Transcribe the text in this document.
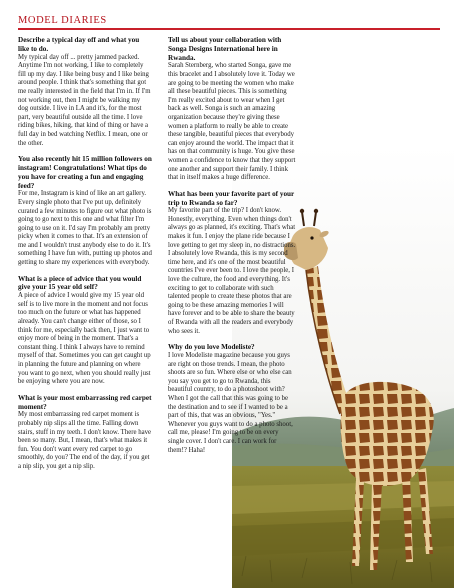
MODEL DIARIES

Describe a typical day off and what you like to do.

My typical day off ... pretty jammed packed. Anytime I'm not working, I like to completely fill up my day. I like being busy and I like being around people. I think that's something that got me really interested in the field that I'm in. If I'm not working out, then I might be walking my dog outside. I live in LA and it's, for the most part, very beautiful outside all the time. I love riding bikes, hiking, that kind of thing or have a full day in bed watching Netflix. I mean, one or the other.

You also recently hit 15 million followers on instagram! Congratulations! What tips do you have for creating a fun and engaging feed?

For me, Instagram is kind of like an art gallery. Every single photo that I've put up, definitely curated a few minutes to figure out what photo is going to go next to this one and what filter I'm going to use on it. I'd say I'm probably am pretty picky when it comes to that. It's an extension of me and I wouldn't trust anybody else to do it. It's something I have fun with, putting up photos and getting to share my experiences with everybody.

What is a piece of advice that you would give your 15 year old self?

A piece of advice I would give my 15 year old self is to live more in the moment and not focus too much on the future or what has happened already. You can't change either of those, so I think for me, especially back then, I just want to enjoy more of being in the moment. That's a constant thing. I think I always have to remind myself of that. Sometimes you can get caught up in planning the future and planning on where you want to go next, when you should really just be enjoying where you are now.

What is your most embarrassing red carpet moment?

My most embarrassing red carpet moment is probably nip slips all the time. Falling down stairs, stuff in my teeth. I don't know. There have been so many. But, I mean, that's what makes it fun. You don't want every red carpet to go smoothly, do you? The end of the day, if you get a nip slip, you get a nip slip.

Tell us about your collaboration with Songa Designs International here in Rwanda.

Sarah Sternberg, who started Songa, gave me this bracelet and I absolutely love it. Today we are going to be meeting the women who make all these beautiful pieces. This is something I'm really excited about to wear when I get back as well. Songa is such an amazing organization because they're giving these women a platform to really be able to create these tangible, beautiful pieces that everybody can enjoy around the world. The impact that it has on that community is huge. You give these women a confidence to know that they support one another and support their family. I think that in itself makes a huge difference.

What has been your favorite part of your trip to Rwanda so far?

My favorite part of the trip? I don't know. Honestly, everything. Even when things don't always go as planned, it's exciting. That's what makes it fun. I enjoy the plane ride because I love getting to get my sleep in, no distractions. I absolutely love Rwanda, this is my second time here, and it's one of the most beautiful countries I've ever been to. I love the people, I love the culture, the food and everything. It's exciting to get to collaborate with such talented people to create these photos that are going to be these amazing memories I will have forever and to be able to share the beauty of Rwanda with all the readers and everybody who sees it.

Why do you love Modeliste?

I love Modeliste magazine because you guys are right on those trends. I mean, the photo shoots are so fun. Where else or who else can you say you get to go to Rwanda, this beautiful country, to do a photoshoot with? When I got the call that this was going to be the destination and to see if I wanted to be a part of this, that was an obvious, "Yes." Whenever you guys want to do a photo shoot, call me, please! I'm going to be on every single cover. I don't care. I can work for them!? Haha!
